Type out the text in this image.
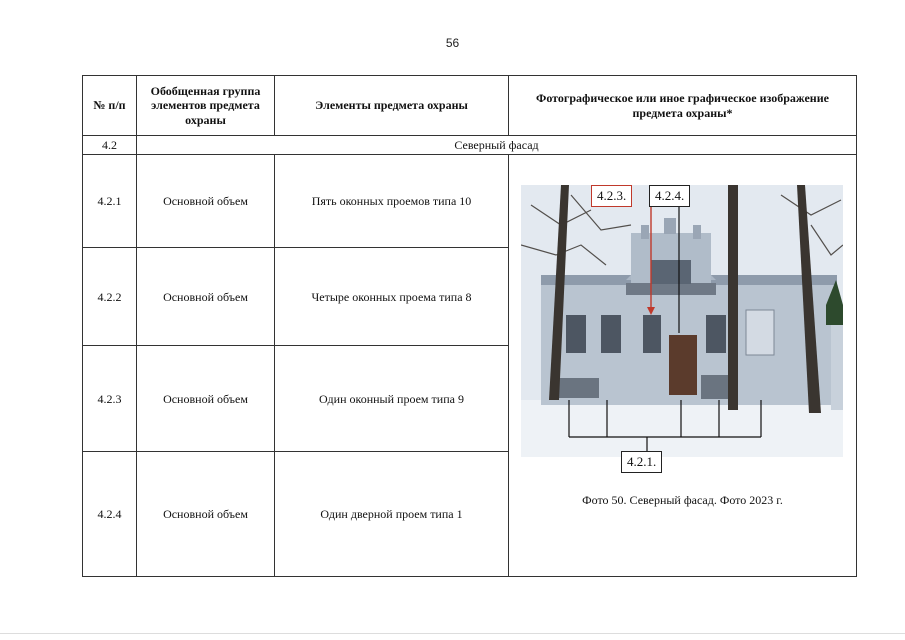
56
№ п/п	Обобщенная группа элементов предмета охраны	Элементы предмета охраны	Фотографическое или иное графическое изображение предмета охраны*
4.2	Северный фасад		
4.2.1	Основной объем	Пять оконных проемов типа 10	4.2.3. 4.2.4.
4.2.1.
Фото 50. Северный фасад. Фото 2023 г.

4.2.2	Основной объем	Четыре оконных проема типа 8	
4.2.3	Основной объем	Один оконный проем типа 9	
4.2.4	Основной объем	Один дверной проем типа 1	
